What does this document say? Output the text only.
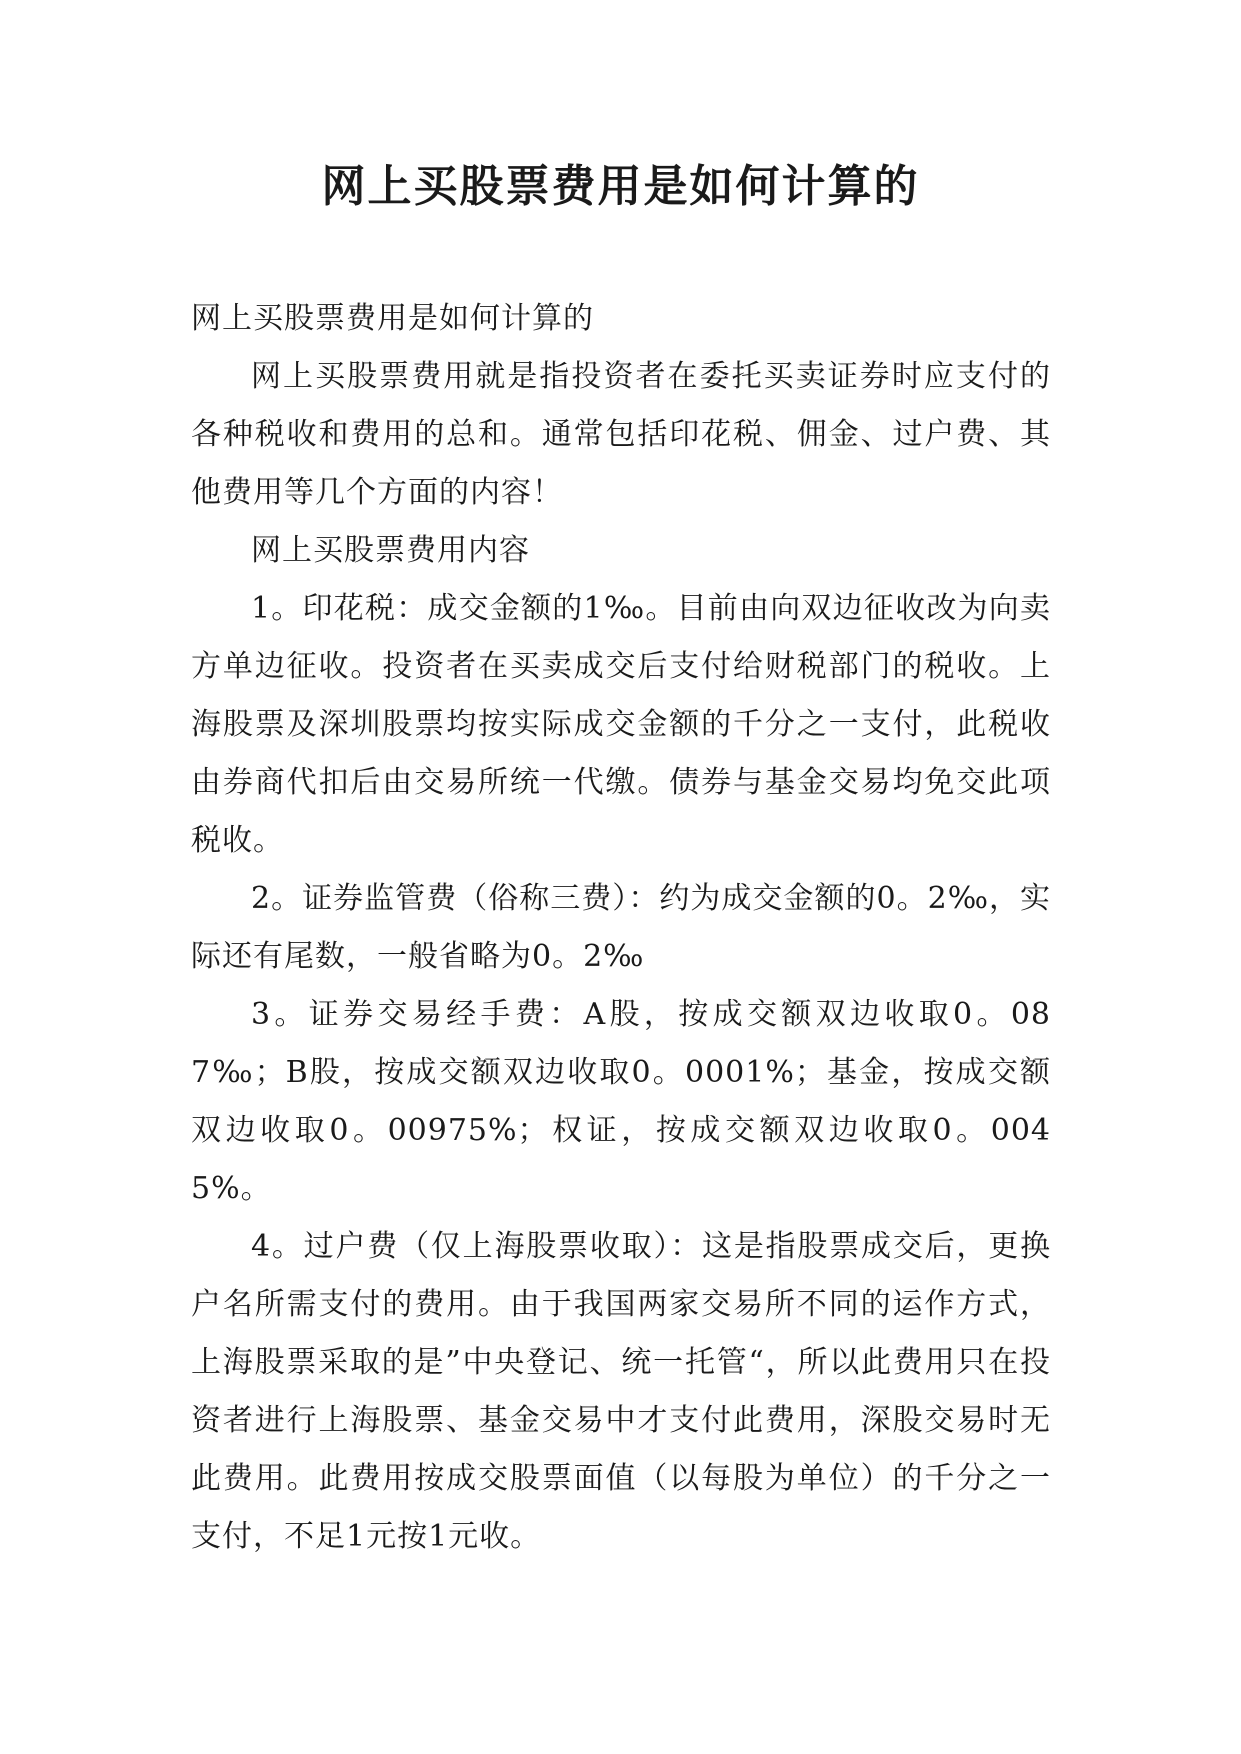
网上买股票费用是如何计算的

网上买股票费用是如何计算的

网上买股票费用就是指投资者在委托买卖证券时应支付的各种税收和费用的总和。通常包括印花税、佣金、过户费、其他费用等几个方面的内容！

网上买股票费用内容

1。印花税：成交金额的1‰。目前由向双边征收改为向卖方单边征收。投资者在买卖成交后支付给财税部门的税收。上海股票及深圳股票均按实际成交金额的千分之一支付，此税收由券商代扣后由交易所统一代缴。债券与基金交易均免交此项税收。

2。证券监管费（俗称三费）：约为成交金额的0。2‰，实际还有尾数，一般省略为0。2‰

3。证券交易经手费：A股，按成交额双边收取0。087‰；B股，按成交额双边收取0。0001%；基金，按成交额双边收取0。00975%；权证，按成交额双边收取0。0045%。

4。过户费（仅上海股票收取）：这是指股票成交后，更换户名所需支付的费用。由于我国两家交易所不同的运作方式，上海股票采取的是”中央登记、统一托管“，所以此费用只在投资者进行上海股票、基金交易中才支付此费用，深股交易时无此费用。此费用按成交股票面值（以每股为单位）的千分之一支付，不足1元按1元收。
